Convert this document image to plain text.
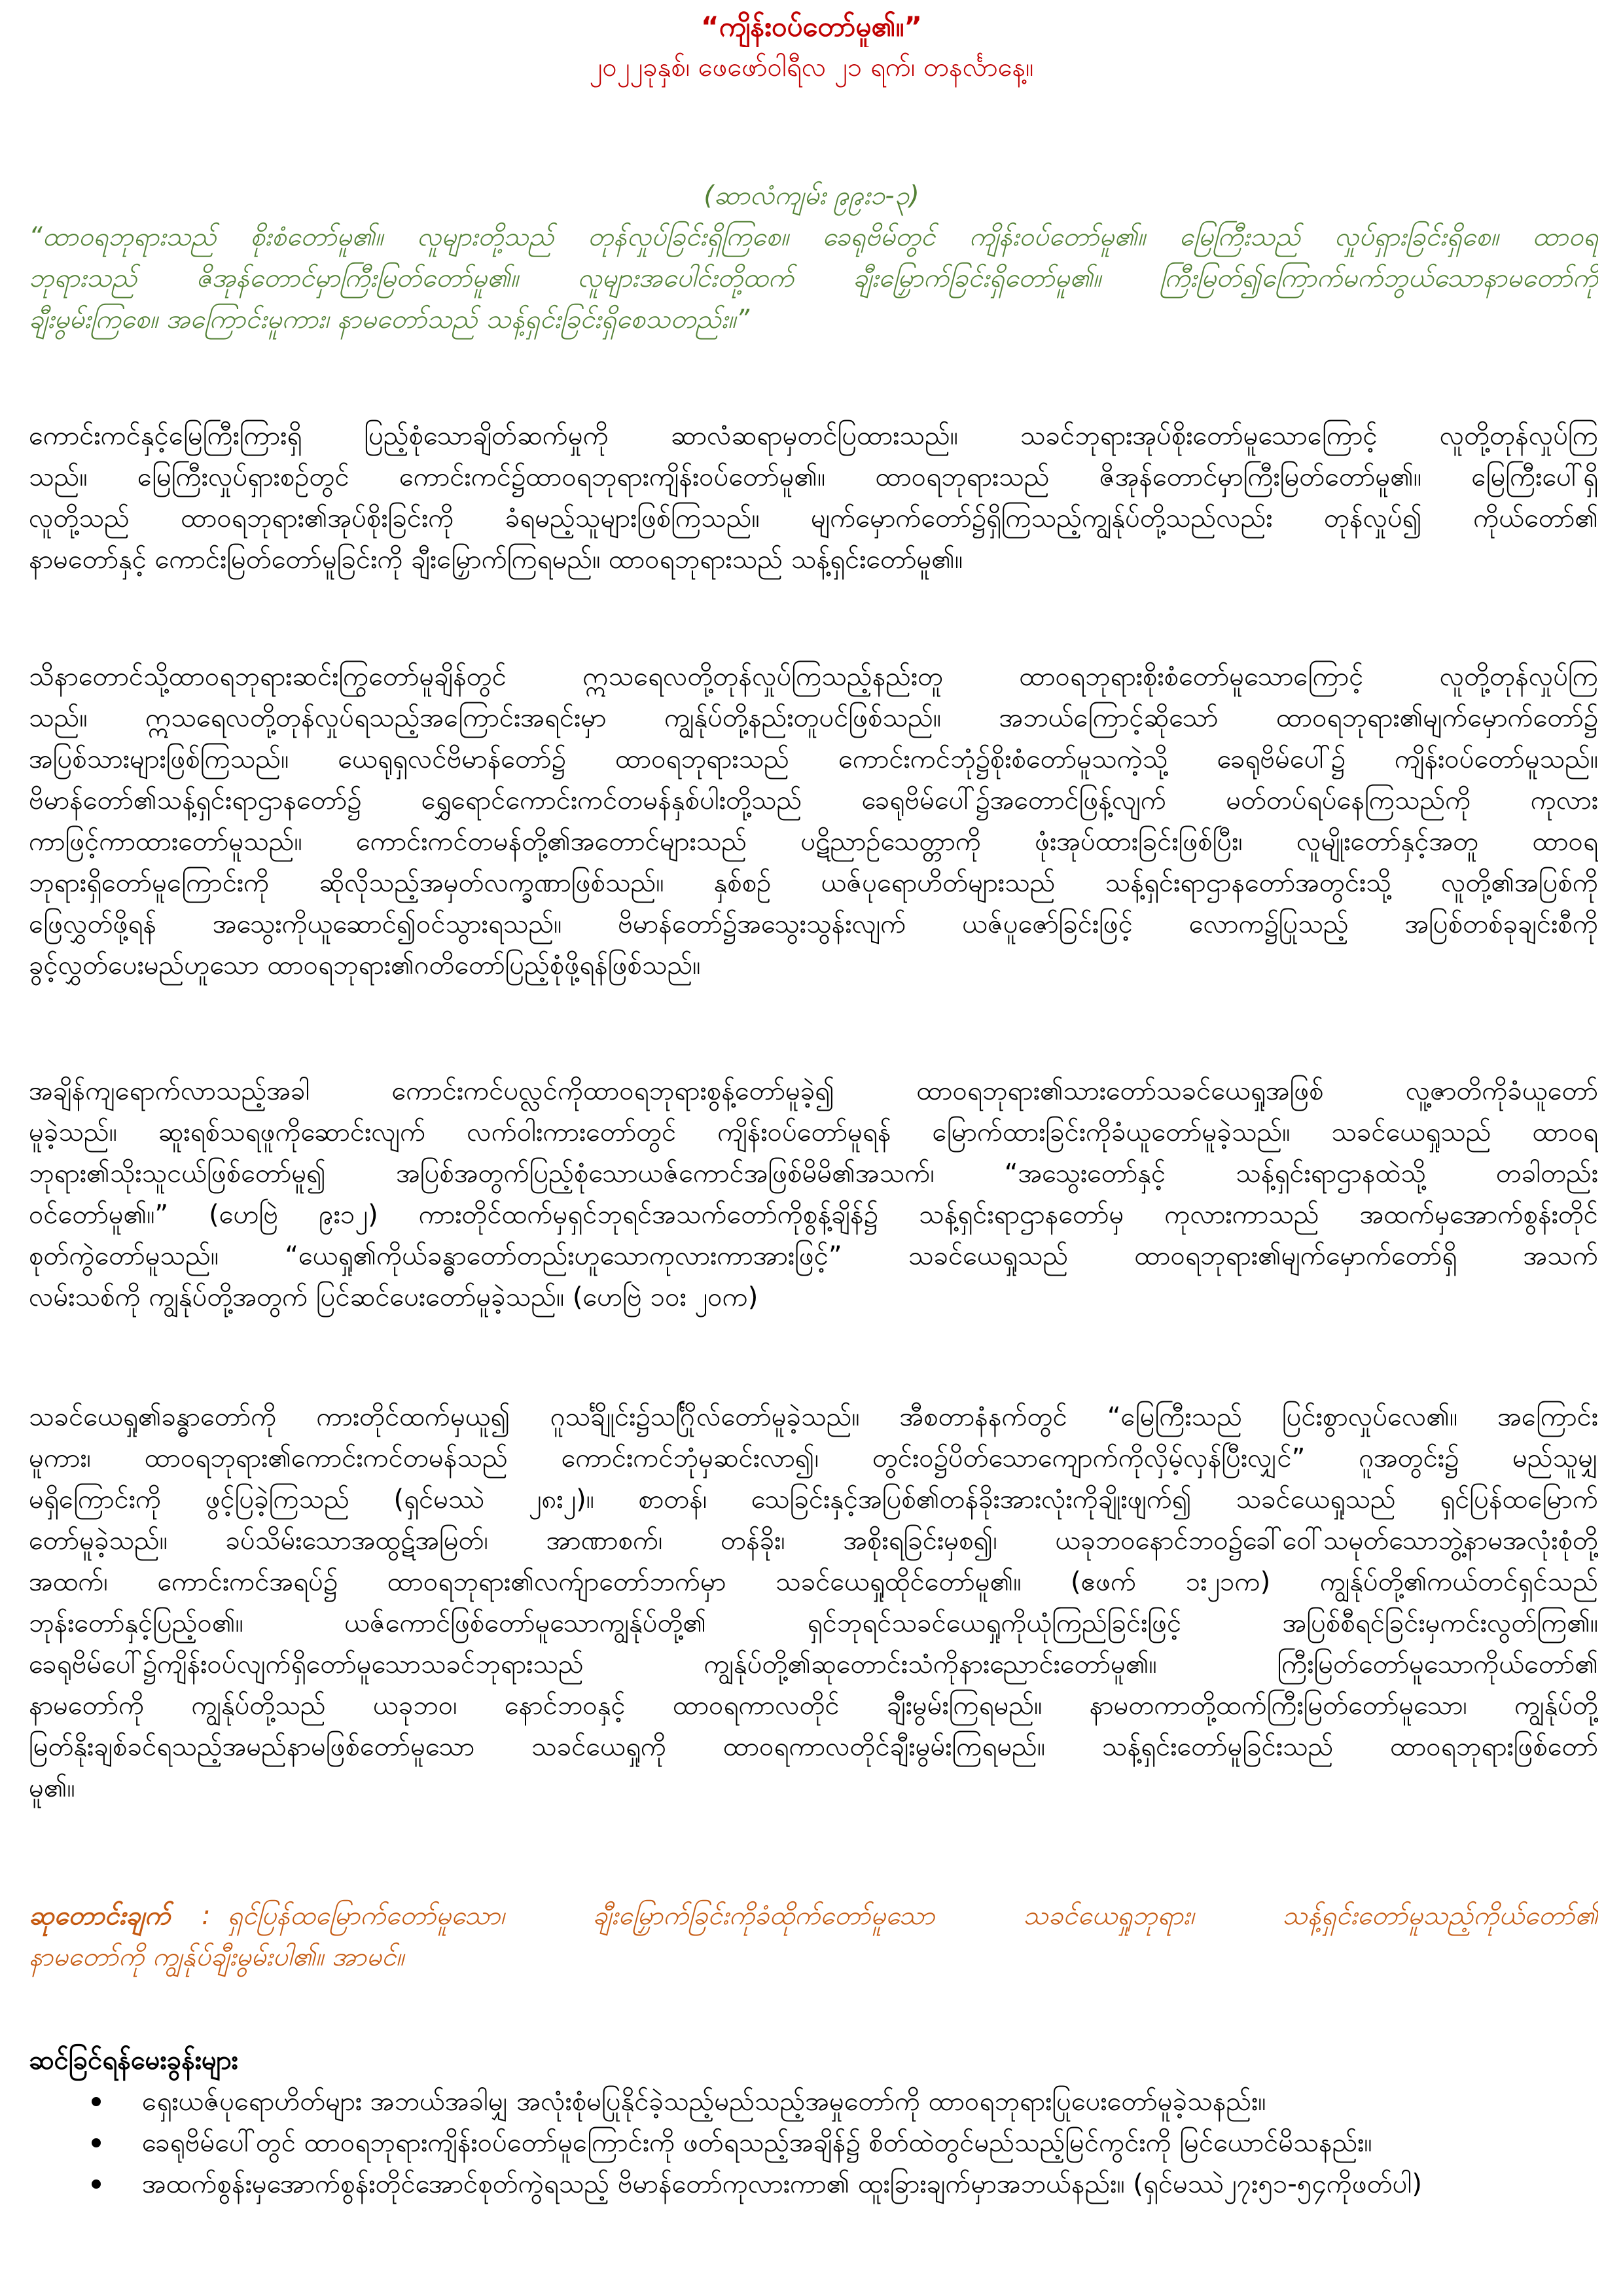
“ကျိန်းဝပ်တော်မူ၏။”
၂၀၂၂ခုနှစ်၊ ဖေဖော်ဝါရီလ ၂၁ ရက်၊ တနင်္လာနေ့။
(ဆာလံကျမ်း ၉၉း၁-၃)
“ထာဝရဘုရားသည် စိုးစံတော်မူ၏။ လူများတို့သည် တုန်လှုပ်ခြင်းရှိကြစေ။ ခေရုဗိမ်တွင် ကျိန်းဝပ်တော်မူ၏။ မြေကြီးသည် လှုပ်ရှားခြင်းရှိစေ။ ထာဝရ
ဘုရားသည် ဇိအုန်တောင်မှာကြီးမြတ်တော်မူ၏။ လူများအပေါင်းတို့ထက် ချီးမြှောက်ခြင်းရှိတော်မူ၏။ ကြီးမြတ်၍ကြောက်မက်ဘွယ်သောနာမတော်ကို
ချီးမွမ်းကြစေ။ အကြောင်းမူကား၊ နာမတော်သည် သန့်ရှင်းခြင်းရှိစေသတည်း။”
ကောင်းကင်နှင့်မြေကြီးကြားရှိ ပြည့်စုံသောချိတ်ဆက်မှုကို ဆာလံဆရာမှတင်ပြထားသည်။ သခင်ဘုရားအုပ်စိုးတော်မူသောကြောင့် လူတို့တုန်လှုပ်ကြ
သည်။ မြေကြီးလှုပ်ရှားစဉ်တွင် ကောင်းကင်၌ထာဝရဘုရားကျိန်းဝပ်တော်မူ၏။ ထာဝရဘုရားသည် ဇိအုန်တောင်မှာကြီးမြတ်တော်မူ၏။ မြေကြီးပေါ်ရှိ
လူတို့သည် ထာဝရဘုရား၏အုပ်စိုးခြင်းကို ခံရမည့်သူများဖြစ်ကြသည်။ မျက်မှောက်တော်၌ရှိကြသည့်ကျွန်ုပ်တို့သည်လည်း တုန်လှုပ်၍ ကိုယ်တော်၏
နာမတော်နှင့် ကောင်းမြတ်တော်မူခြင်းကို ချီးမြှောက်ကြရမည်။ ထာဝရဘုရားသည် သန့်ရှင်းတော်မူ၏။
သိနာတောင်သို့ထာဝရဘုရားဆင်းကြွတော်မူချိန်တွင် ဣသရေလတို့တုန်လှုပ်ကြသည့်နည်းတူ ထာဝရဘုရားစိုးစံတော်မူသောကြောင့် လူတို့တုန်လှုပ်ကြ
သည်။ ဣသရေလတို့တုန်လှုပ်ရသည့်အကြောင်းအရင်းမှာ ကျွန်ုပ်တို့နည်းတူပင်ဖြစ်သည်။ အဘယ်ကြောင့်ဆိုသော် ထာဝရဘုရား၏မျက်မှောက်တော်၌
အပြစ်သားများဖြစ်ကြသည်။ ယေရုရှလင်ဗိမာန်တော်၌ ထာဝရဘုရားသည် ကောင်းကင်ဘုံ၌စိုးစံတော်မူသကဲ့သို့ ခေရုဗိမ်ပေါ်၌ ကျိန်းဝပ်တော်မူသည်။
ဗိမာန်တော်၏သန့်ရှင်းရာဌာနတော်၌ ရွှေရောင်ကောင်းကင်တမန်နှစ်ပါးတို့သည် ခေရုဗိမ်ပေါ်၌အတောင်ဖြန့်လျက် မတ်တပ်ရပ်နေကြသည်ကို ကုလား
ကာဖြင့်ကာထားတော်မူသည်။ ကောင်းကင်တမန်တို့၏အတောင်များသည် ပဋိညာဉ်သေတ္တာကို ဖုံးအုပ်ထားခြင်းဖြစ်ပြီး၊ လူမျိုးတော်နှင့်အတူ ထာဝရ
ဘုရားရှိတော်မူကြောင်းကို ဆိုလိုသည့်အမှတ်လက္ခဏာဖြစ်သည်။ နှစ်စဉ် ယဇ်ပုရောဟိတ်များသည် သန့်ရှင်းရာဌာနတော်အတွင်းသို့ လူတို့၏အပြစ်ကို
ဖြေလွှတ်ဖို့ရန် အသွေးကိုယူဆောင်၍ဝင်သွားရသည်။ ဗိမာန်တော်၌အသွေးသွန်းလျက် ယဇ်ပူဇော်ခြင်းဖြင့် လောက၌ပြုသည့် အပြစ်တစ်ခုချင်းစီကို
ခွင့်လွှတ်ပေးမည်ဟူသော ထာဝရဘုရား၏ဂတိတော်ပြည့်စုံဖို့ရန်ဖြစ်သည်။
အချိန်ကျရောက်လာသည့်အခါ ကောင်းကင်ပလ္လင်ကိုထာဝရဘုရားစွန့်တော်မူခဲ့၍ ထာဝရဘုရား၏သားတော်သခင်ယေရှုအဖြစ် လူ့ဇာတိကိုခံယူတော်
မူခဲ့သည်။ ဆူးရစ်သရဖူကိုဆောင်းလျက် လက်ဝါးကားတော်တွင် ကျိန်းဝပ်တော်မူရန် မြောက်ထားခြင်းကိုခံယူတော်မူခဲ့သည်။ သခင်ယေရှုသည် ထာဝရ
ဘုရား၏သိုးသူငယ်ဖြစ်တော်မူ၍ အပြစ်အတွက်ပြည့်စုံသောယဇ်ကောင်အဖြစ်မိမိ၏အသက်၊ “အသွေးတော်နှင့် သန့်ရှင်းရာဌာနထဲသို့ တခါတည်း
ဝင်တော်မူ၏။” (ဟေဗြဲ ၉း၁၂) ကားတိုင်ထက်မှရှင်ဘုရင်အသက်တော်ကိုစွန့်ချိန်၌ သန့်ရှင်းရာဌာနတော်မှ ကုလားကာသည် အထက်မှအောက်စွန်းတိုင်
စုတ်ကွဲတော်မူသည်။ “ယေရှု၏ကိုယ်ခန္ဓာတော်တည်းဟူသောကုလားကာအားဖြင့်” သခင်ယေရှုသည် ထာဝရဘုရား၏မျက်မှောက်တော်ရှိ အသက်
လမ်းသစ်ကို ကျွန်ုပ်တို့အတွက် ပြင်ဆင်ပေးတော်မူခဲ့သည်။ (ဟေဗြဲ ၁၀း ၂၀က)
သခင်ယေရှု၏ခန္ဓာတော်ကို ကားတိုင်ထက်မှယူ၍ ဂူသင်္ချိုင်း၌သင်္ဂြိုလ်တော်မူခဲ့သည်။ အီစတာနံနက်တွင် “မြေကြီးသည် ပြင်းစွာလှုပ်လေ၏။ အကြောင်း
မူကား၊ ထာဝရဘုရား၏ကောင်းကင်တမန်သည် ကောင်းကင်ဘုံမှဆင်းလာ၍၊ တွင်းဝ၌ပိတ်သောကျောက်ကိုလှိမ့်လှန်ပြီးလျှင်” ဂူအတွင်း၌ မည်သူမျှ
မရှိကြောင်းကို ဖွင့်ပြခဲ့ကြသည် (ရှင်မဿဲ ၂၈း၂)။ စာတန်၊ သေခြင်းနှင့်အပြစ်၏တန်ခိုးအားလုံးကိုချိုးဖျက်၍ သခင်ယေရှုသည် ရှင်ပြန်ထမြောက်
တော်မူခဲ့သည်။ ခပ်သိမ်းသောအထွဋ်အမြတ်၊ အာဏာစက်၊ တန်ခိုး၊ အစိုးရခြင်းမှစ၍၊ ယခုဘဝနောင်ဘဝ၌ခေါ်ဝေါ်သမုတ်သောဘွဲ့နာမအလုံးစုံတို့
အထက်၊ ကောင်းကင်အရပ်၌ ထာဝရဘုရား၏လက်ျာတော်ဘက်မှာ သခင်ယေရှုထိုင်တော်မူ၏။ (ဧဖက် ၁း၂၁က) ကျွန်ုပ်တို့၏ကယ်တင်ရှင်သည်
ဘုန်းတော်နှင့်ပြည့်ဝ၏။ ယဇ်ကောင်ဖြစ်တော်မူသောကျွန်ုပ်တို့၏ ရှင်ဘုရင်သခင်ယေရှုကိုယုံကြည်ခြင်းဖြင့် အပြစ်စီရင်ခြင်းမှကင်းလွတ်ကြ၏။
ခေရုဗိမ်ပေါ်၌ကျိန်းဝပ်လျက်ရှိတော်မူသောသခင်ဘုရားသည် ကျွန်ုပ်တို့၏ဆုတောင်းသံကိုနားညောင်းတော်မူ၏။ ကြီးမြတ်တော်မူသောကိုယ်တော်၏
နာမတော်ကို ကျွန်ုပ်တို့သည် ယခုဘဝ၊ နောင်ဘဝနှင့် ထာဝရကာလတိုင် ချီးမွမ်းကြရမည်။ နာမတကာတို့ထက်ကြီးမြတ်တော်မူသော၊ ကျွန်ုပ်တို့
မြတ်နိုးချစ်ခင်ရသည့်အမည်နာမဖြစ်တော်မူသော သခင်ယေရှုကို ထာဝရကာလတိုင်ချီးမွမ်းကြရမည်။ သန့်ရှင်းတော်မူခြင်းသည် ထာဝရဘုရားဖြစ်တော်
မူ၏။
ဆုတောင်းချက် : ရှင်ပြန်ထမြောက်တော်မူသော၊ ချီးမြှောက်ခြင်းကိုခံထိုက်တော်မူသော သခင်ယေရှုဘုရား၊ သန့်ရှင်းတော်မူသည့်ကိုယ်တော်၏
နာမတော်ကို ကျွန်ုပ်ချီးမွမ်းပါ၏။ အာမင်။
ဆင်ခြင်ရန်မေးခွန်းများ
ရှေးယဇ်ပုရောဟိတ်များ အဘယ်အခါမျှ အလုံးစုံမပြုနိုင်ခဲ့သည့်မည်သည့်အမှုတော်ကို ထာဝရဘုရားပြုပေးတော်မူခဲ့သနည်း။
ခေရုဗိမ်ပေါ်တွင် ထာဝရဘုရားကျိန်းဝပ်တော်မူကြောင်းကို ဖတ်ရသည့်အချိန်၌ စိတ်ထဲတွင်မည်သည့်မြင်ကွင်းကို မြင်ယောင်မိသနည်း။
အထက်စွန်းမှအောက်စွန်းတိုင်အောင်စုတ်ကွဲရသည့် ဗိမာန်တော်ကုလားကာ၏ ထူးခြားချက်မှာအဘယ်နည်း။ (ရှင်မဿဲ၂၇း၅၁-၅၄ကိုဖတ်ပါ)
